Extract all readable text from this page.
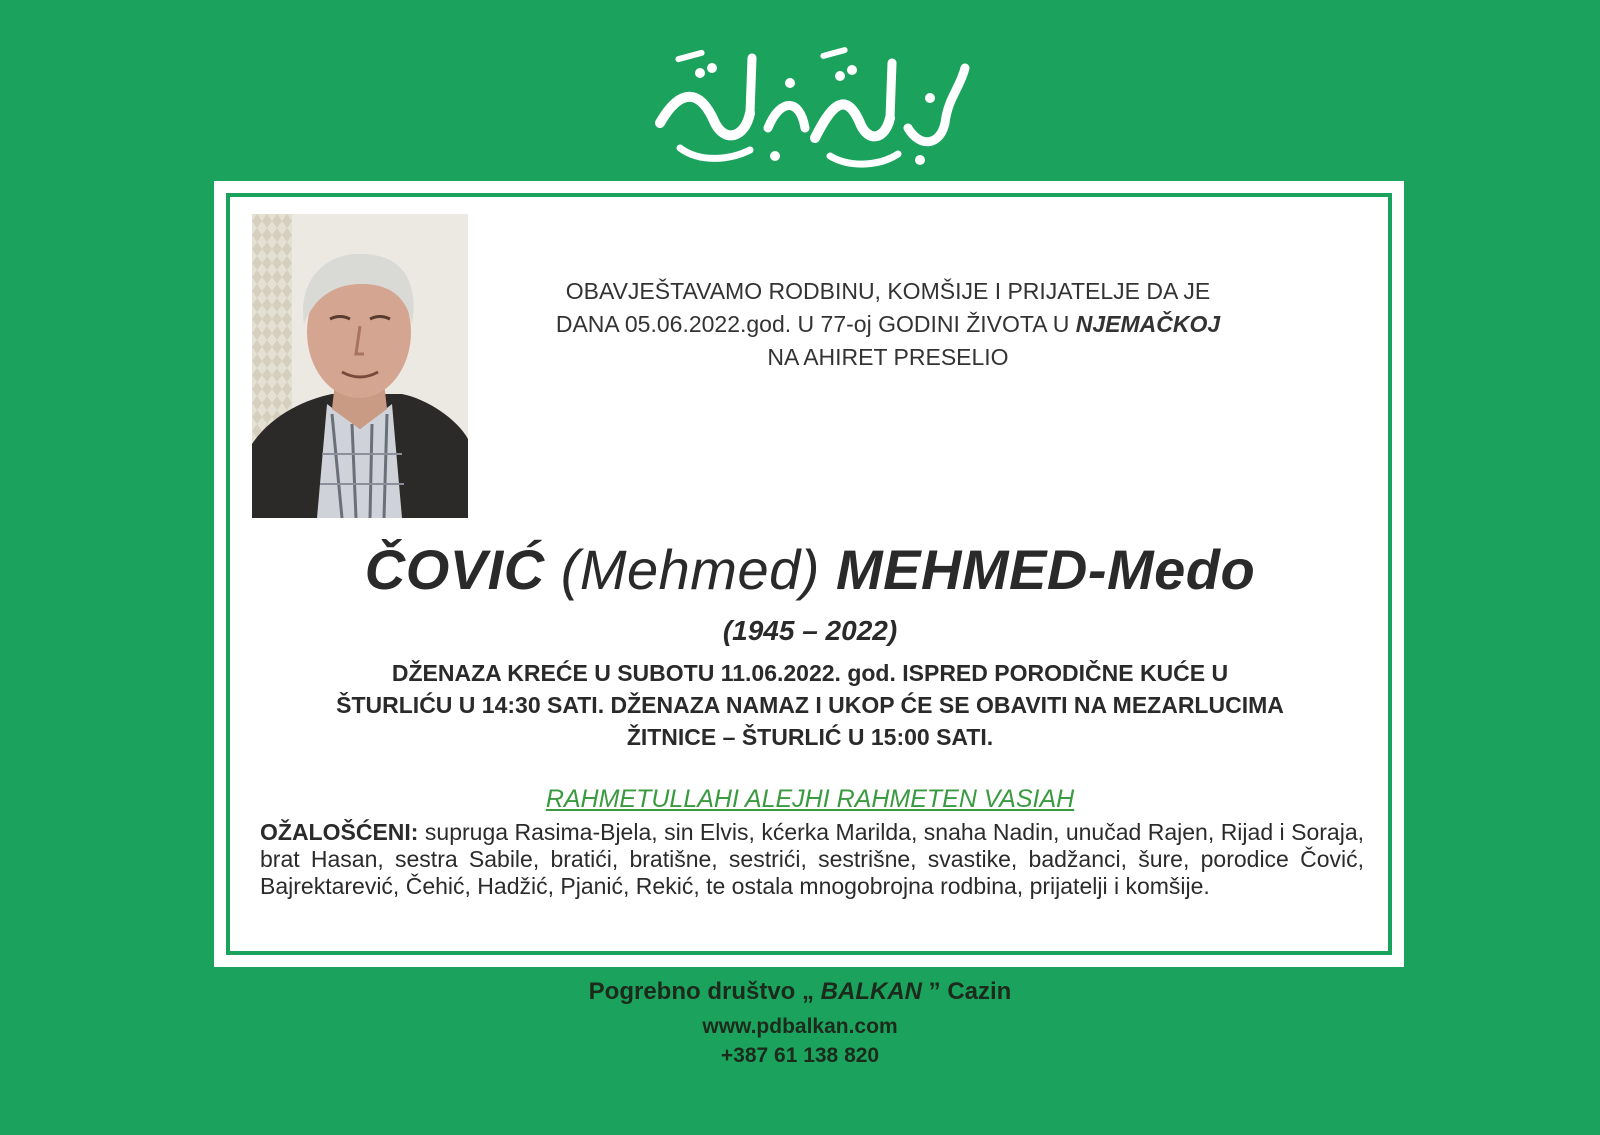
OBAVJEŠTAVAMO RODBINU, KOMŠIJE I PRIJATELJE DA JE
DANA 05.06.2022.god. U 77-oj GODINI ŽIVOTA U NJEMAČKOJ
NA AHIRET PRESELIO
ČOVIĆ (Mehmed) MEHMED-Medo
(1945 – 2022)
DŽENAZA KREĆE U SUBOTU 11.06.2022. god. ISPRED PORODIČNE KUĆE U
ŠTURLIĆU U 14:30 SATI. DŽENAZA NAMAZ I UKOP ĆE SE OBAVITI NA MEZARLUCIMA
ŽITNICE – ŠTURLIĆ U 15:00 SATI.
RAHMETULLAHI ALEJHI RAHMETEN VASIAH
OŽALOŠĆENI: supruga Rasima-Bjela, sin Elvis, kćerka Marilda, snaha Nadin, unučad Rajen, Rijad i Soraja, brat Hasan, sestra Sabile, bratići, bratišne, sestrići, sestrišne, svastike, badžanci, šure, porodice Čović, Bajrektarević, Čehić, Hadžić, Pjanić, Rekić, te ostala mnogobrojna rodbina, prijatelji i komšije.
Pogrebno društvo „ BALKAN ” Cazin
www.pdbalkan.com
+387 61 138 820
